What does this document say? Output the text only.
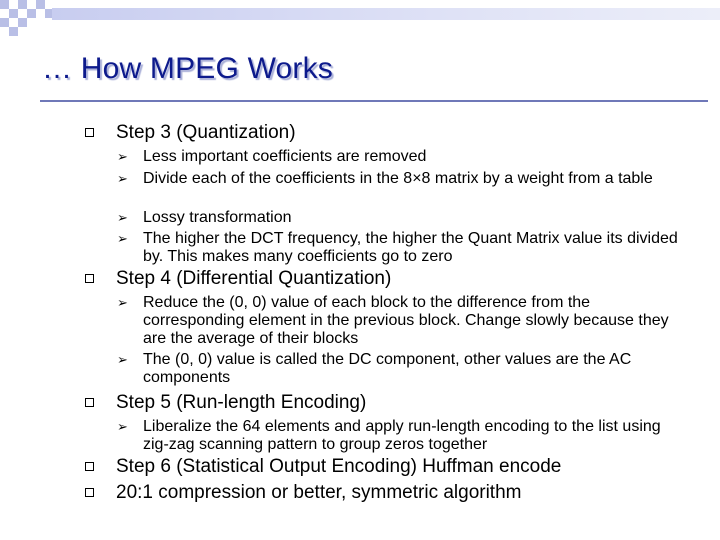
… How MPEG Works
Step 3 (Quantization)
➢ Less important coefficients are removed
➢ Divide each of the coefficients in the 8×8 matrix by a weight from a table
➢ Lossy transformation
➢ The higher the DCT frequency, the higher the Quant Matrix value its divided by. This makes many coefficients go to zero
Step 4 (Differential Quantization)
➢ Reduce the (0, 0) value of each block to the difference from the corresponding element in the previous block. Change slowly because they are the average of their blocks
➢ The (0, 0) value is called the DC component, other values are the AC components
Step 5 (Run-length Encoding)
➢ Liberalize the 64 elements and apply run-length encoding to the list using zig-zag scanning pattern to group zeros together
Step 6 (Statistical Output Encoding) Huffman encode
20:1 compression or better, symmetric algorithm
